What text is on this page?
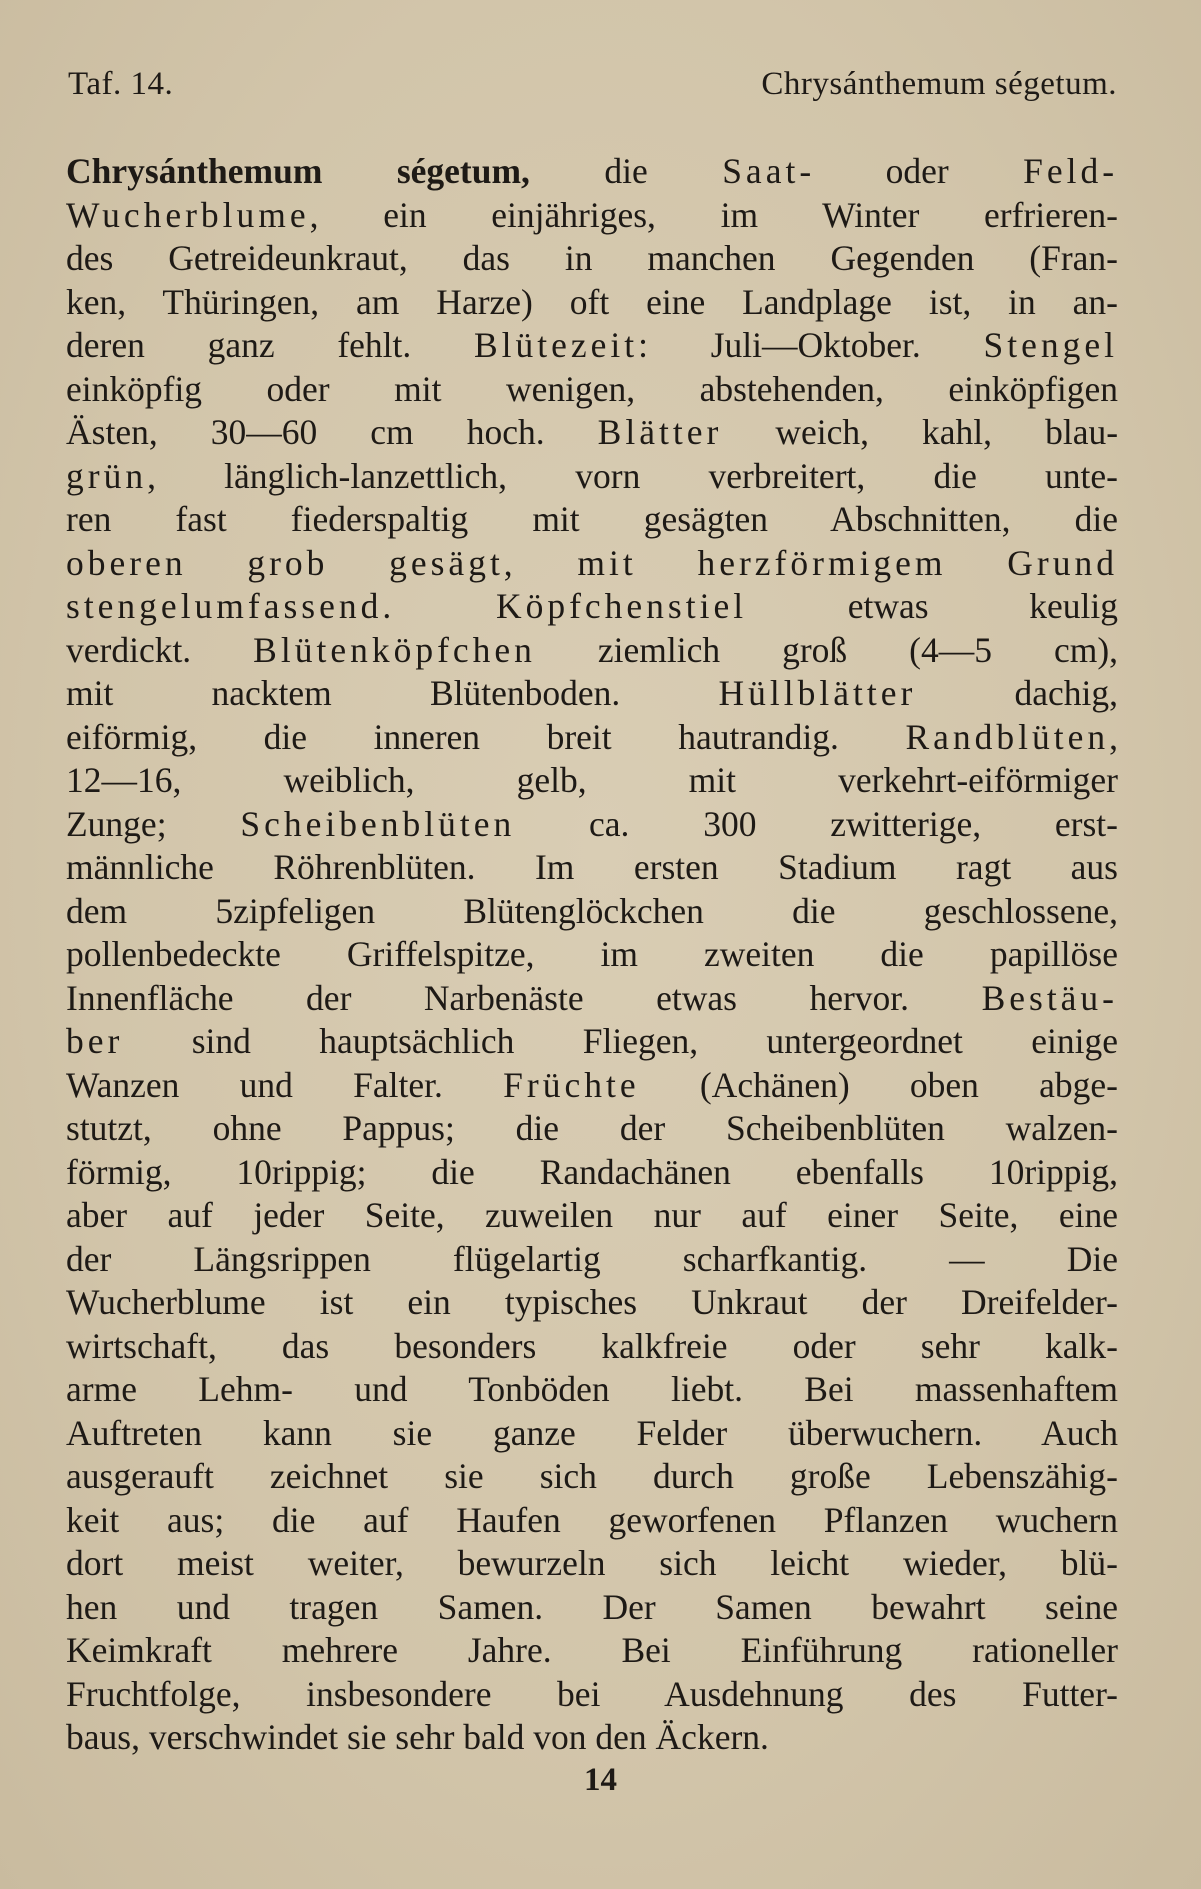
Taf. 14.	Chrysánthemum ségetum.
Chrysánthemum ségetum, die Saat- oder Feld-
Wucherblume, ein einjähriges, im Winter erfrieren-
des Getreideunkraut, das in manchen Gegenden (Fran-
ken, Thüringen, am Harze) oft eine Landplage ist, in an-
deren ganz fehlt. Blütezeit: Juli—Oktober. Stengel
einköpfig oder mit wenigen, abstehenden, einköpfigen
Ästen, 30—60 cm hoch. Blätter weich, kahl, blau-
grün, länglich-lanzettlich, vorn verbreitert, die unte-
ren fast fiederspaltig mit gesägten Abschnitten, die
oberen grob gesägt, mit herzförmigem Grund
stengelumfassend.	Köpfchenstiel	etwas keulig
verdickt. Blütenköpfchen ziemlich groß (4—5 cm),
mit nacktem Blütenboden.	Hüllblätter	dachig,
eiförmig, die inneren breit hautrandig. Randblüten,
12—16, weiblich, gelb, mit verkehrt-eiförmiger
Zunge; Scheibenblüten ca. 300 zwitterige, erst-
männliche Röhrenblüten. Im ersten Stadium ragt aus
dem 5zipfeligen Blütenglöckchen die geschlossene,
pollenbedeckte Griffelspitze, im zweiten die papillöse
Innenfläche der Narbenäste etwas hervor. Bestäu-
ber sind hauptsächlich Fliegen, untergeordnet einige
Wanzen und Falter. Früchte (Achänen) oben abge-
stutzt, ohne Pappus; die der Scheibenblüten walzen-
förmig, 10rippig; die Randachänen ebenfalls 10rippig,
aber auf jeder Seite, zuweilen nur auf einer Seite, eine
der Längsrippen flügelartig scharfkantig. — Die
Wucherblume ist ein typisches Unkraut der Dreifelder-
wirtschaft, das besonders kalkfreie oder sehr kalk-
arme Lehm- und Tonböden liebt. Bei massenhaftem
Auftreten kann sie ganze Felder überwuchern. Auch
ausgerauft zeichnet sie sich durch große Lebenszähig-
keit aus; die auf Haufen geworfenen Pflanzen wuchern
dort meist weiter, bewurzeln sich leicht wieder, blü-
hen und tragen Samen. Der Samen bewahrt seine
Keimkraft mehrere Jahre. Bei Einführung rationeller
Fruchtfolge, insbesondere bei Ausdehnung des Futter-
baus, verschwindet sie sehr bald von den Äckern.
14
